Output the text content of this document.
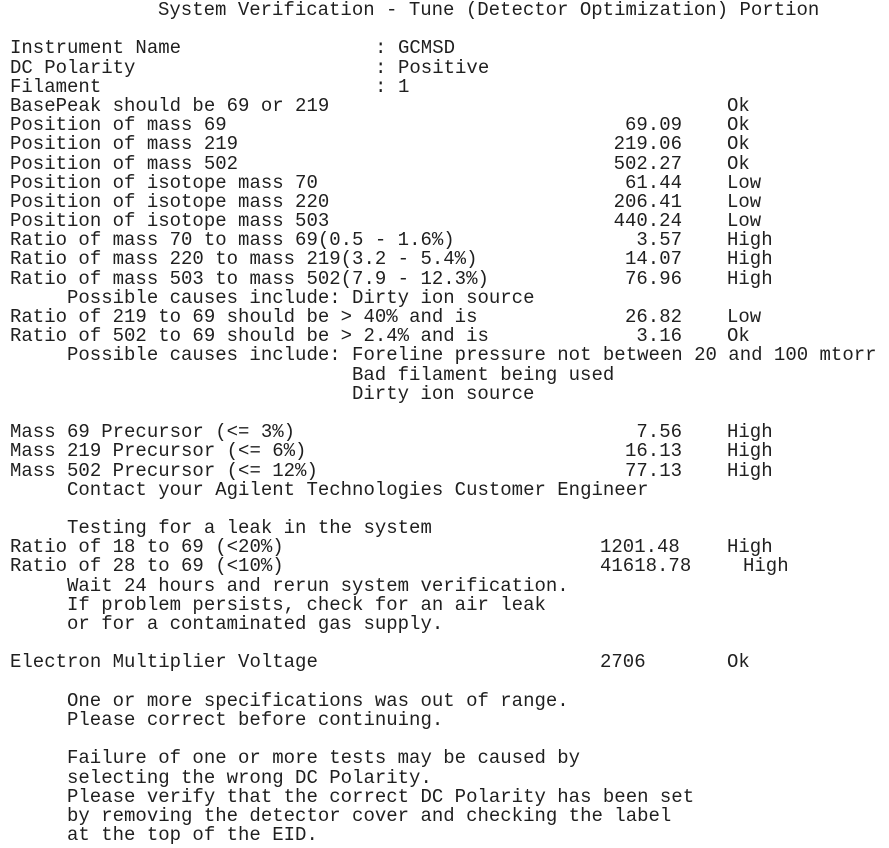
System Verification - Tune (Detector Optimization) Portion
Instrument Name	: GCMSD
DC Polarity	: Positive
Filament	: 1
BasePeak should be 69 or 219	Ok
Position of mass 69	69.09 Ok
Position of mass 219	219.06 Ok
Position of mass 502	502.27 Ok
Position of isotope mass 70	61.44 Low
Position of isotope mass 220	206.41 Low
Position of isotope mass 503	440.24 Low
Ratio of mass 70 to mass 69(0.5 - 1.6%)	3.57 High
Ratio of mass 220 to mass 219(3.2 - 5.4%)	14.07 High
Ratio of mass 503 to mass 502(7.9 - 12.3%)	76.96 High
Possible causes include: Dirty ion source
Ratio of 219 to 69 should be > 40% and is	26.82 Low
Ratio of 502 to 69 should be > 2.4% and is	3.16 Ok
Possible causes include: Foreline pressure not between 20 and 100 mtorr
Bad filament being used
Dirty ion source
Mass 69 Precursor (<= 3%)	7.56 High
Mass 219 Precursor (<= 6%)	16.13 High
Mass 502 Precursor (<= 12%)	77.13 High
Contact your Agilent Technologies Customer Engineer
Testing for a leak in the system
Ratio of 18 to 69 (<20%)	1201.48 High
Ratio of 28 to 69 (<10%)	41618.78	High
Wait 24 hours and rerun system verification.
If problem persists, check for an air leak
or for a contaminated gas supply.
Electron Multiplier Voltage	2706	Ok
One or more specifications was out of range.
Please correct before continuing.
Failure of one or more tests may be caused by
selecting the wrong DC Polarity.
Please verify that the correct DC Polarity has been set
by removing the detector cover and checking the label
at the top of the EID.
